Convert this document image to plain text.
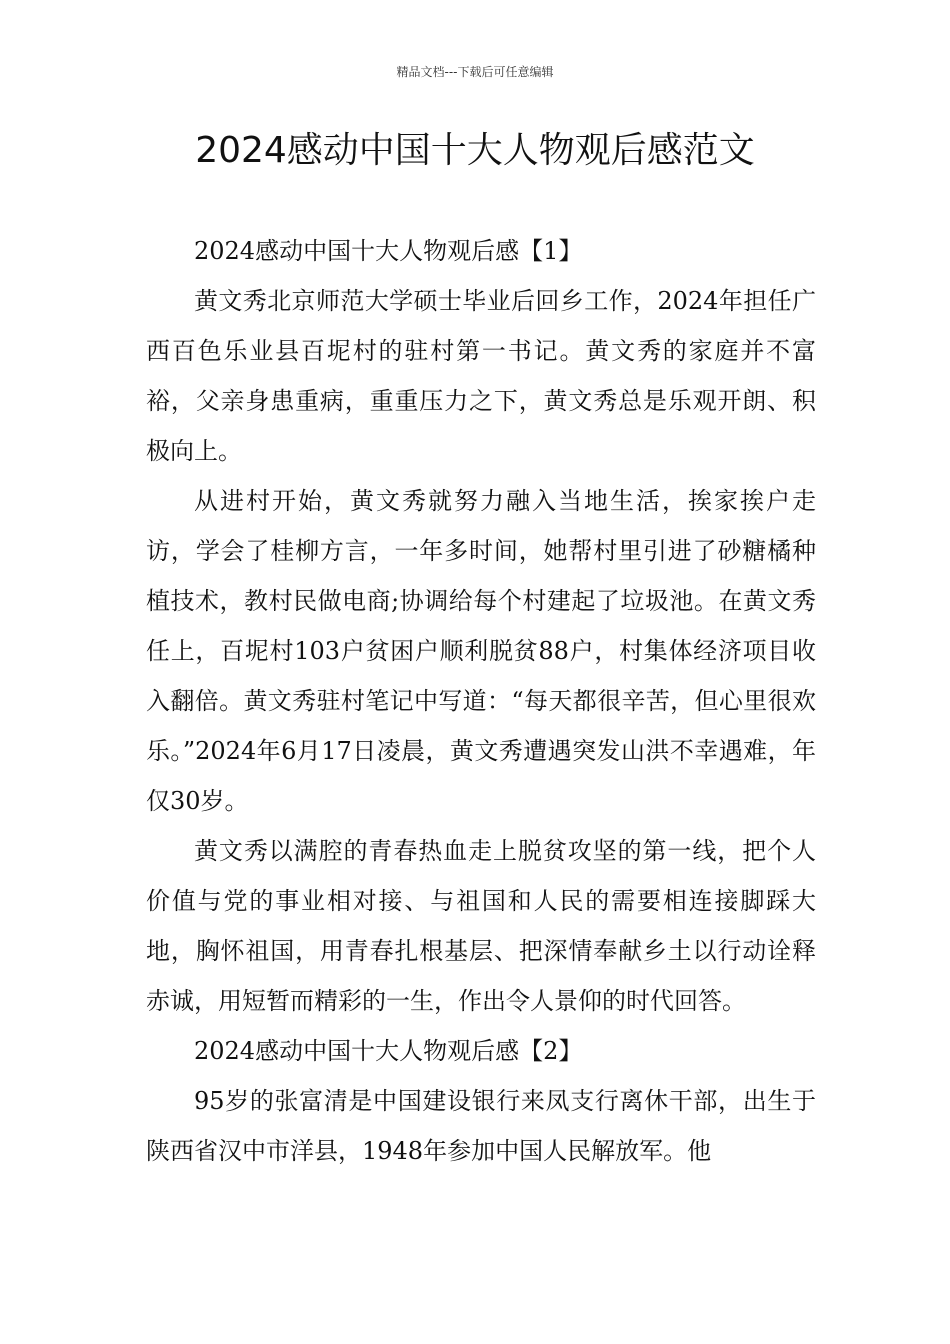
精品文档---下载后可任意编辑
2024感动中国十大人物观后感范文

2024感动中国十大人物观后感【1】

黄文秀北京师范大学硕士毕业后回乡工作，2024年担任广西百色乐业县百坭村的驻村第一书记。黄文秀的家庭并不富裕，父亲身患重病，重重压力之下，黄文秀总是乐观开朗、积极向上。

从进村开始，黄文秀就努力融入当地生活，挨家挨户走访，学会了桂柳方言，一年多时间，她帮村里引进了砂糖橘种植技术，教村民做电商;协调给每个村建起了垃圾池。在黄文秀任上，百坭村103户贫困户顺利脱贫88户，村集体经济项目收入翻倍。黄文秀驻村笔记中写道：“每天都很辛苦，但心里很欢乐。”2024年6月17日凌晨，黄文秀遭遇突发山洪不幸遇难，年仅30岁。

黄文秀以满腔的青春热血走上脱贫攻坚的第一线，把个人价值与党的事业相对接、与祖国和人民的需要相连接脚踩大地，胸怀祖国，用青春扎根基层、把深情奉献乡土以行动诠释赤诚，用短暂而精彩的一生，作出令人景仰的时代回答。

2024感动中国十大人物观后感【2】

95岁的张富清是中国建设银行来凤支行离休干部，出生于陕西省汉中市洋县，1948年参加中国人民解放军。他
